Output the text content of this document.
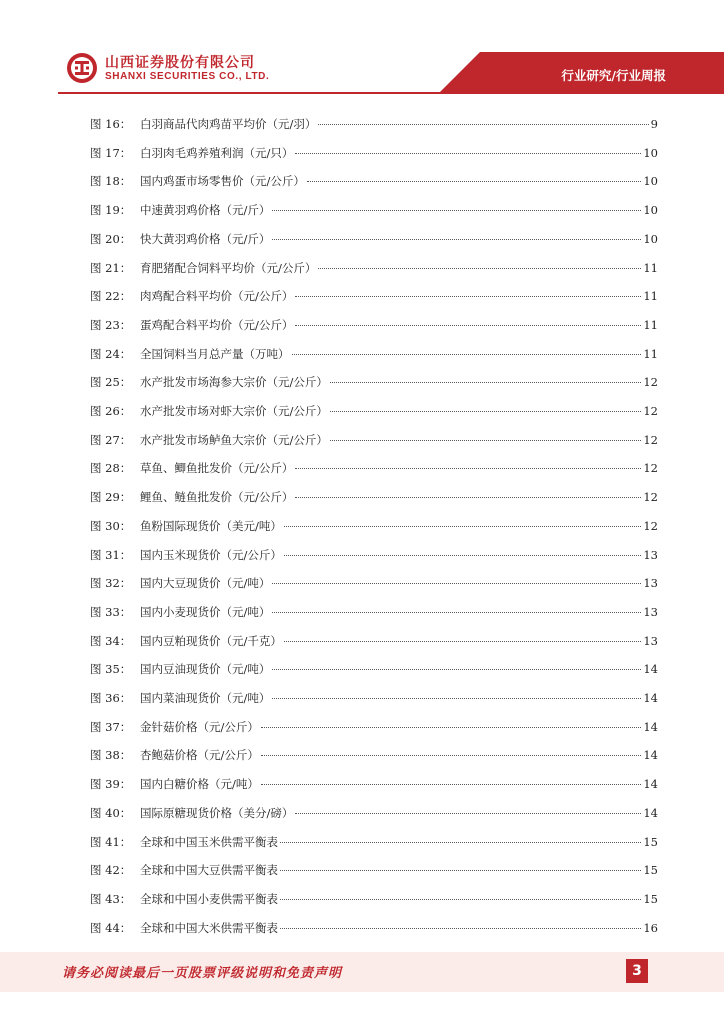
山西证券股份有限公司
SHANXI SECURITIES CO., LTD.	行业研究/行业周报
图 16： 白羽商品代肉鸡苗平均价（元/羽）	9
图 17： 白羽肉毛鸡养殖利润（元/只）	10
图 18： 国内鸡蛋市场零售价（元/公斤）	10
图 19： 中速黄羽鸡价格（元/斤）	10
图 20： 快大黄羽鸡价格（元/斤）	10
图 21： 育肥猪配合饲料平均价（元/公斤）	11
图 22： 肉鸡配合料平均价（元/公斤）	11
图 23： 蛋鸡配合料平均价（元/公斤）	11
图 24： 全国饲料当月总产量（万吨）	11
图 25： 水产批发市场海参大宗价（元/公斤）	12
图 26： 水产批发市场对虾大宗价（元/公斤）	12
图 27： 水产批发市场鲈鱼大宗价（元/公斤）	12
图 28： 草鱼、鲫鱼批发价（元/公斤）	12
图 29： 鲤鱼、鲢鱼批发价（元/公斤）	12
图 30： 鱼粉国际现货价（美元/吨）	12
图 31： 国内玉米现货价（元/公斤）	13
图 32： 国内大豆现货价（元/吨）	13
图 33： 国内小麦现货价（元/吨）	13
图 34： 国内豆粕现货价（元/千克）	13
图 35： 国内豆油现货价（元/吨）	14
图 36： 国内菜油现货价（元/吨）	14
图 37： 金针菇价格（元/公斤）	14
图 38： 杏鲍菇价格（元/公斤）	14
图 39： 国内白糖价格（元/吨）	14
图 40： 国际原糖现货价格（美分/磅）	14
图 41： 全球和中国玉米供需平衡表	15
图 42： 全球和中国大豆供需平衡表	15
图 43： 全球和中国小麦供需平衡表	15
图 44： 全球和中国大米供需平衡表	16
请务必阅读最后一页股票评级说明和免责声明	3
